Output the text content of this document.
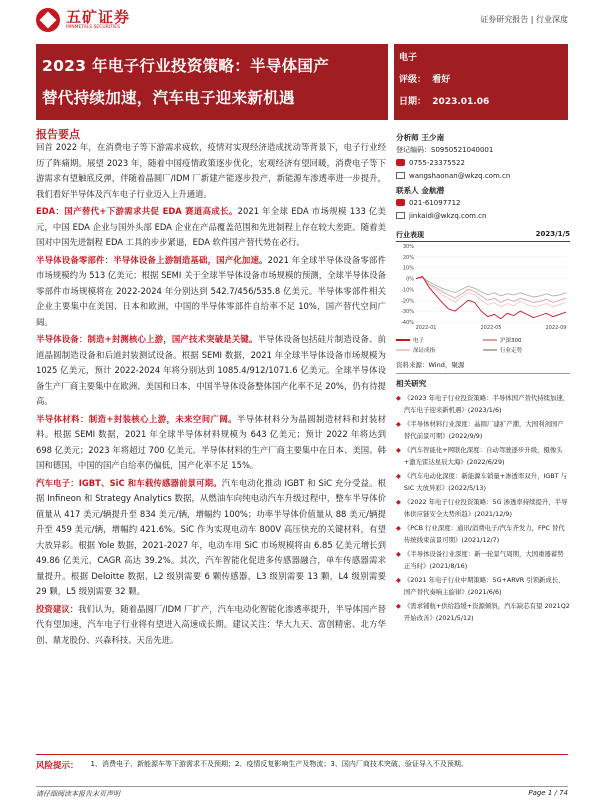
五矿证券
MINMETALS SECURITIES
证券研究报告 | 行业深度
2023 年电子行业投资策略：半导体国产
替代持续加速，汽车电子迎来新机遇
电子
评级： 看好
日期： 2023.01.06
报告要点

回首 2022 年，在消费电子等下游需求疲软，疫情对实现经济造成扰动等背景下，电子行业经历了阵痛期。展望 2023 年，随着中国疫情政策逐步优化，宏观经济有望回暖，消费电子等下游需求有望触底反弹，伴随着晶圆厂/IDM 厂新建产能逐步投产，新能源车渗透率进一步提升，我们看好半导体及汽车电子行业迈入上升通道。

EDA：国产替代+下游需求共促 EDA 赛道高成长。2021 年全球 EDA 市场规模 133 亿美元，中国 EDA 企业与国外头部 EDA 企业在产品覆盖范围和先进制程上存在较大差距。随着美国对中国先进制程 EDA 工具的步步紧逼，EDA 软件国产替代势在必行。

半导体设备零部件：半导体设备上游制造基础，国产化加速。2021 年全球半导体设备零部件市场规模约为 513 亿美元；根据 SEMI 关于全球半导体设备市场规模的预测，全球半导体设备零部件市场规模将在 2022-2024 年分别达到 542.7/456/535.8 亿美元。半导体零部件相关企业主要集中在美国、日本和欧洲，中国的半导体零部件自给率不足 10%，国产替代空间广阔。

半导体设备：制造+封测核心上游，国产技术突破是关键。半导体设备包括硅片制造设备、前道晶圆制造设备和后道封装测试设备。根据 SEMI 数据，2021 年全球半导体设备市场规模为 1025 亿美元，预计 2022-2024 年将分别达到 1085.4/912/1071.6 亿美元。全球半导体设备生产厂商主要集中在欧洲、美国和日本，中国半导体设备整体国产化率不足 20%，仍有待提高。

半导体材料：制造+封装核心上游，未来空间广阔。半导体材料分为晶圆制造材料和封装材料。根据 SEMI 数据，2021 年全球半导体材料规模为 643 亿美元；预计 2022 年将达到 698 亿美元；2023 年将超过 700 亿美元。半导体材料的生产厂商主要集中在日本、美国、韩国和德国，中国的国产自给率仍偏低，国产化率不足 15%。

汽车电子：IGBT、SiC 和车载传感器前景可期。汽车电动化推动 IGBT 和 SiC 充分受益。根据 Infineon 和 Strategy Analytics 数据，从燃油车向纯电动汽车升级过程中，整车半导体价值量从 417 美元/辆提升至 834 美元/辆，增幅约 100%；功率半导体价值量从 88 美元/辆提升至 459 美元/辆，增幅约 421.6%。SiC 作为实现电动车 800V 高压快充的关键材料，有望大放异彩。根据 Yole 数据，2021-2027 年，电动车用 SiC 市场规模将由 6.85 亿美元增长到 49.86 亿美元，CAGR 高达 39.2%。其次，汽车智能化促进多传感器融合，单车传感器需求量提升。根据 Deloitte 数据，L2 级别需要 6 颗传感器，L3 级别需要 13 颗，L4 级别需要 29 颗，L5 级别需要 32 颗。

投资建议：我们认为，随着晶圆厂/IDM 厂扩产，汽车电动化智能化渗透率提升，半导体国产替代有望加速，汽车电子行业将有望进入高速成长期。建议关注：华大九天、富创精密、北方华创、鼎龙股份、兴森科技、天岳先进。

分析师 王少南
登记编码：S0950521040001
0755-23375522
wangshaonan@wkzq.com.cn
联系人 金航潜
021-61097712
jinkaidi@wkzq.com.cn
行业表现	2023/1/5
30%
20%
10%
0%
-10%
-20%
-30%
-40%
2022-01	2022-05	2022-09
电子	沪深300
深证成指	行业走势
资料来源：Wind，聚源
相关研究
◆ 《2023 年电子行业投资策略：半导体国产替代持续加速，汽车电子迎来新机遇》(2023/1/6)
◆ 《半导体材料行业深度：晶圆厂建扩产潮，大国利剑国产替代前景可期》(2022/9/9)
◆ 《汽车智能化+网联化深度：自动驾驶逐步升级，摄像头+激光雷达星辰大海》(2022/6/29)
◆ 《汽车电动化深度：新能源车销量+渗透率双升，IGBT 与 SiC 大放异彩》(2022/5/13)
◆ 《2022 年电子行业投资策略：5G 渗透率持续提升，半导体供应链安全大势所趋》(2021/12/9)
◆ 《PCB 行业深度：通讯/消费电子/汽车齐发力，FPC 替代传统线束前景可期》(2021/12/7)
◆ 《半导体设备行业深度：新一轮景气周期，大国重器蓄势正当时》(2021/8/16)
◆ 《2021 年电子行业中期策略：5G+ARVR 引领新成长，国产替代奏响主旋律》(2021/6/6)
◆ 《需求铺航+供给趋缓+资源倾斜，汽车缺芯有望 2021Q2 开始改善》(2021/5/12)
风险提示： 1、消费电子、新能源车等下游需求不及预期；2、疫情反复影响生产及物流；3、国内厂商技术突破、验证导入不及预期。
请仔细阅读本报告末页声明	Page 1 / 74
